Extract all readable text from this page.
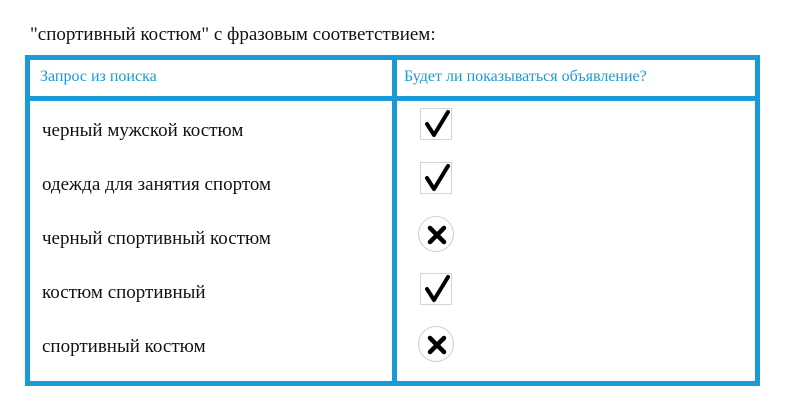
"спортивный костюм" с фразовым соответствием:
Запрос из поиска	Будет ли показываться объявление?
черный мужской костюм
одежда для занятия спортом
черный спортивный костюм
костюм спортивный
спортивный костюм
